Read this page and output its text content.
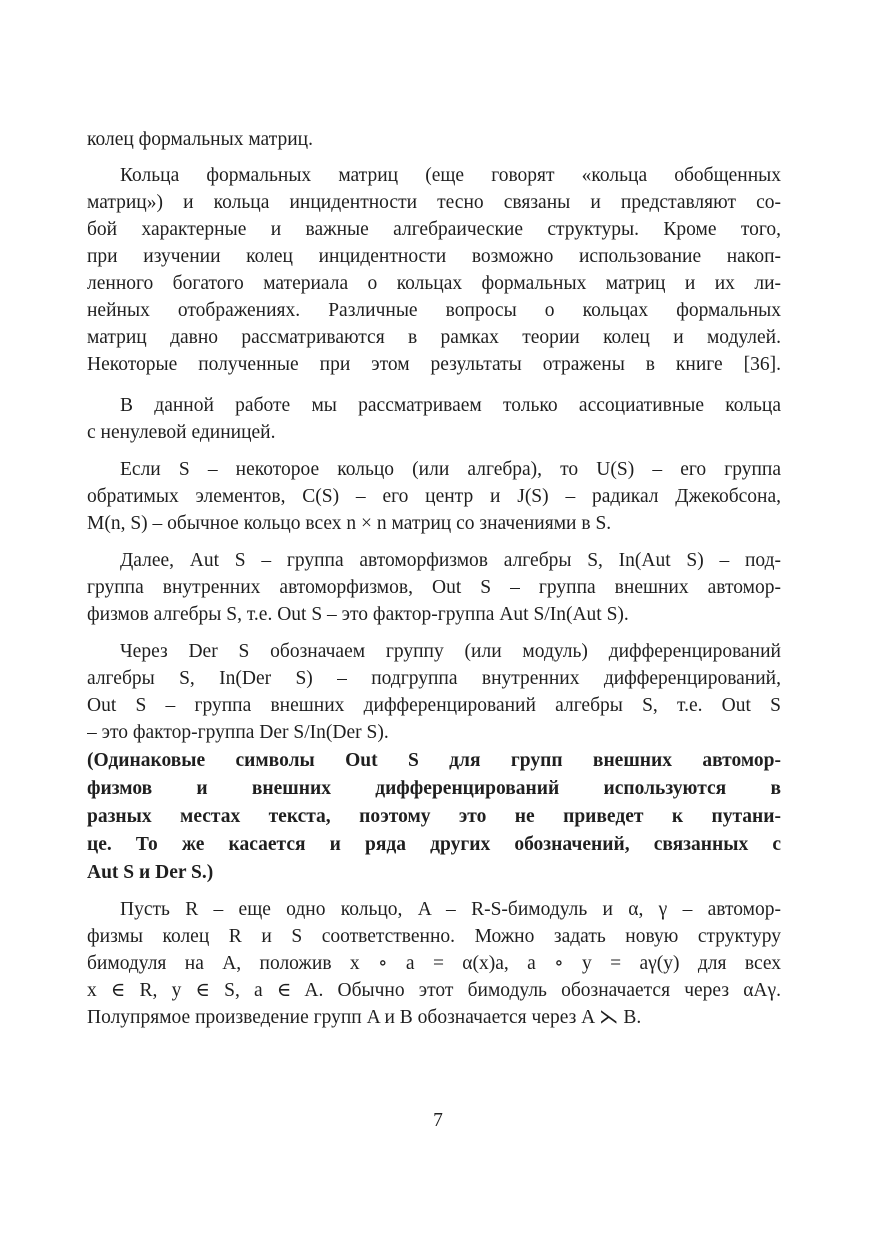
колец формальных матриц.
Кольца формальных матриц (еще говорят «кольца обобщенных
матриц») и кольца инцидентности тесно связаны и представляют со-
бой характерные и важные алгебраические структуры. Кроме того,
при изучении колец инцидентности возможно использование накоп-
ленного богатого материала о кольцах формальных матриц и их ли-
нейных отображениях. Различные вопросы о кольцах формальных
матриц давно рассматриваются в рамках теории колец и модулей.
Некоторые полученные при этом результаты отражены в книге [36].
В данной работе мы рассматриваем только ассоциативные кольца
с ненулевой единицей.
Если S – некоторое кольцо (или алгебра), то U(S) – его группа
обратимых элементов, C(S) – его центр и J(S) – радикал Джекобсона,
M(n, S) – обычное кольцо всех n × n матриц со значениями в S.
Далее, Aut S – группа автоморфизмов алгебры S, In(Aut S) – под-
группа внутренних автоморфизмов, Out S – группа внешних автомор-
физмов алгебры S, т.е. Out S – это фактор-группа Aut S/In(Aut S).
Через Der S обозначаем группу (или модуль) дифференцирований
алгебры S, In(Der S) – подгруппа внутренних дифференцирований,
Out S – группа внешних дифференцирований алгебры S, т.е. Out S
– это фактор-группа Der S/In(Der S).
(Одинаковые символы Out S для групп внешних автомор-
физмов и внешних дифференцирований используются в
разных местах текста, поэтому это не приведет к путани-
це. То же касается и ряда других обозначений, связанных с
Aut S и Der S.)
Пусть R – еще одно кольцо, A – R-S-бимодуль и α, γ – автомор-
физмы колец R и S соответственно. Можно задать новую структуру
бимодуля на A, положив x ∘ a = α(x)a, a ∘ y = aγ(y) для всех
x ∈ R, y ∈ S, a ∈ A. Обычно этот бимодуль обозначается через αAγ.
Полупрямое произведение групп A и B обозначается через A ⋋ B.
7
